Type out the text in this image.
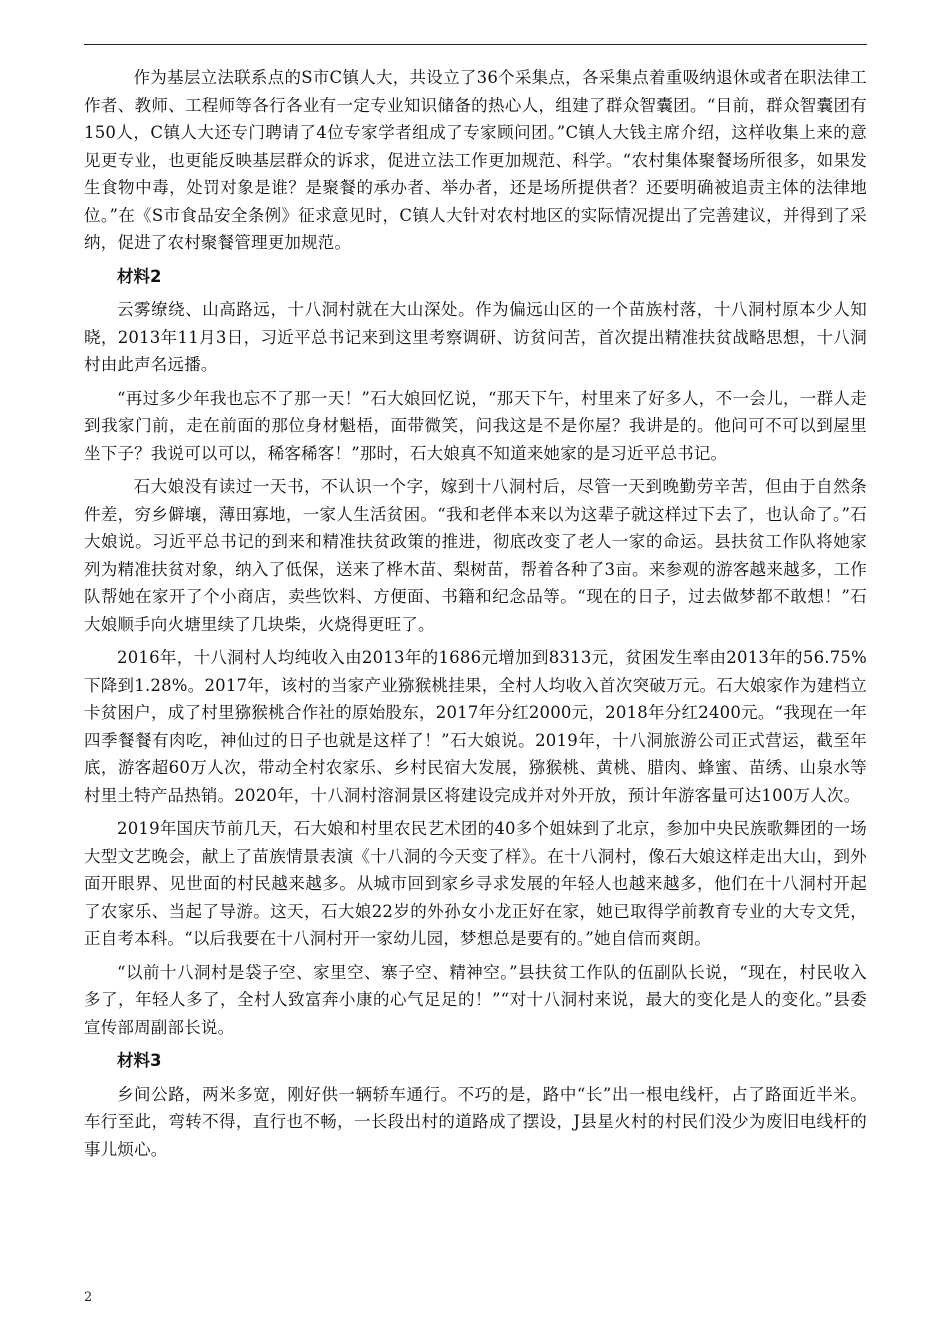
作为基层立法联系点的S市C镇人大，共设立了36个采集点，各采集点着重吸纳退休或者在职法律工作者、教师、工程师等各行各业有一定专业知识储备的热心人，组建了群众智囊团。“目前，群众智囊团有150人，C镇人大还专门聘请了4位专家学者组成了专家顾问团。”C镇人大钱主席介绍，这样收集上来的意见更专业，也更能反映基层群众的诉求，促进立法工作更加规范、科学。“农村集体聚餐场所很多，如果发生食物中毒，处罚对象是谁？是聚餐的承办者、举办者，还是场所提供者？还要明确被追责主体的法律地位。”在《S市食品安全条例》征求意见时，C镇人大针对农村地区的实际情况提出了完善建议，并得到了采纳，促进了农村聚餐管理更加规范。

材料2

云雾缭绕、山高路远，十八洞村就在大山深处。作为偏远山区的一个苗族村落，十八洞村原本少人知晓，2013年11月3日，习近平总书记来到这里考察调研、访贫问苦，首次提出精准扶贫战略思想，十八洞村由此声名远播。

“再过多少年我也忘不了那一天！”石大娘回忆说，“那天下午，村里来了好多人，不一会儿，一群人走到我家门前，走在前面的那位身材魁梧，面带微笑，问我这是不是你屋？我讲是的。他问可不可以到屋里坐下子？我说可以可以，稀客稀客！”那时，石大娘真不知道来她家的是习近平总书记。

石大娘没有读过一天书，不认识一个字，嫁到十八洞村后，尽管一天到晚勤劳辛苦，但由于自然条件差，穷乡僻壤，薄田寡地，一家人生活贫困。“我和老伴本来以为这辈子就这样过下去了，也认命了。”石大娘说。习近平总书记的到来和精准扶贫政策的推进，彻底改变了老人一家的命运。县扶贫工作队将她家列为精准扶贫对象，纳入了低保，送来了桦木苗、梨树苗，帮着各种了3亩。来参观的游客越来越多，工作队帮她在家开了个小商店，卖些饮料、方便面、书籍和纪念品等。“现在的日子，过去做梦都不敢想！”石大娘顺手向火塘里续了几块柴，火烧得更旺了。

2016年，十八洞村人均纯收入由2013年的1686元增加到8313元，贫困发生率由2013年的56.75%下降到1.28%。2017年，该村的当家产业猕猴桃挂果，全村人均收入首次突破万元。石大娘家作为建档立卡贫困户，成了村里猕猴桃合作社的原始股东，2017年分红2000元，2018年分红2400元。“我现在一年四季餐餐有肉吃，神仙过的日子也就是这样了！”石大娘说。2019年，十八洞旅游公司正式营运，截至年底，游客超60万人次，带动全村农家乐、乡村民宿大发展，猕猴桃、黄桃、腊肉、蜂蜜、苗绣、山泉水等村里土特产品热销。2020年，十八洞村溶洞景区将建设完成并对外开放，预计年游客量可达100万人次。

2019年国庆节前几天，石大娘和村里农民艺术团的40多个姐妹到了北京，参加中央民族歌舞团的一场大型文艺晚会，献上了苗族情景表演《十八洞的今天变了样》。在十八洞村，像石大娘这样走出大山，到外面开眼界、见世面的村民越来越多。从城市回到家乡寻求发展的年轻人也越来越多，他们在十八洞村开起了农家乐、当起了导游。这天，石大娘22岁的外孙女小龙正好在家，她已取得学前教育专业的大专文凭，正自考本科。“以后我要在十八洞村开一家幼儿园，梦想总是要有的。”她自信而爽朗。

“以前十八洞村是袋子空、家里空、寨子空、精神空。”县扶贫工作队的伍副队长说，“现在，村民收入多了，年轻人多了，全村人致富奔小康的心气足足的！”“对十八洞村来说，最大的变化是人的变化。”县委宣传部周副部长说。

材料3

乡间公路，两米多宽，刚好供一辆轿车通行。不巧的是，路中“长”出一根电线杆，占了路面近半米。车行至此，弯转不得，直行也不畅，一长段出村的道路成了摆设，J县星火村的村民们没少为废旧电线杆的事儿烦心。

2
